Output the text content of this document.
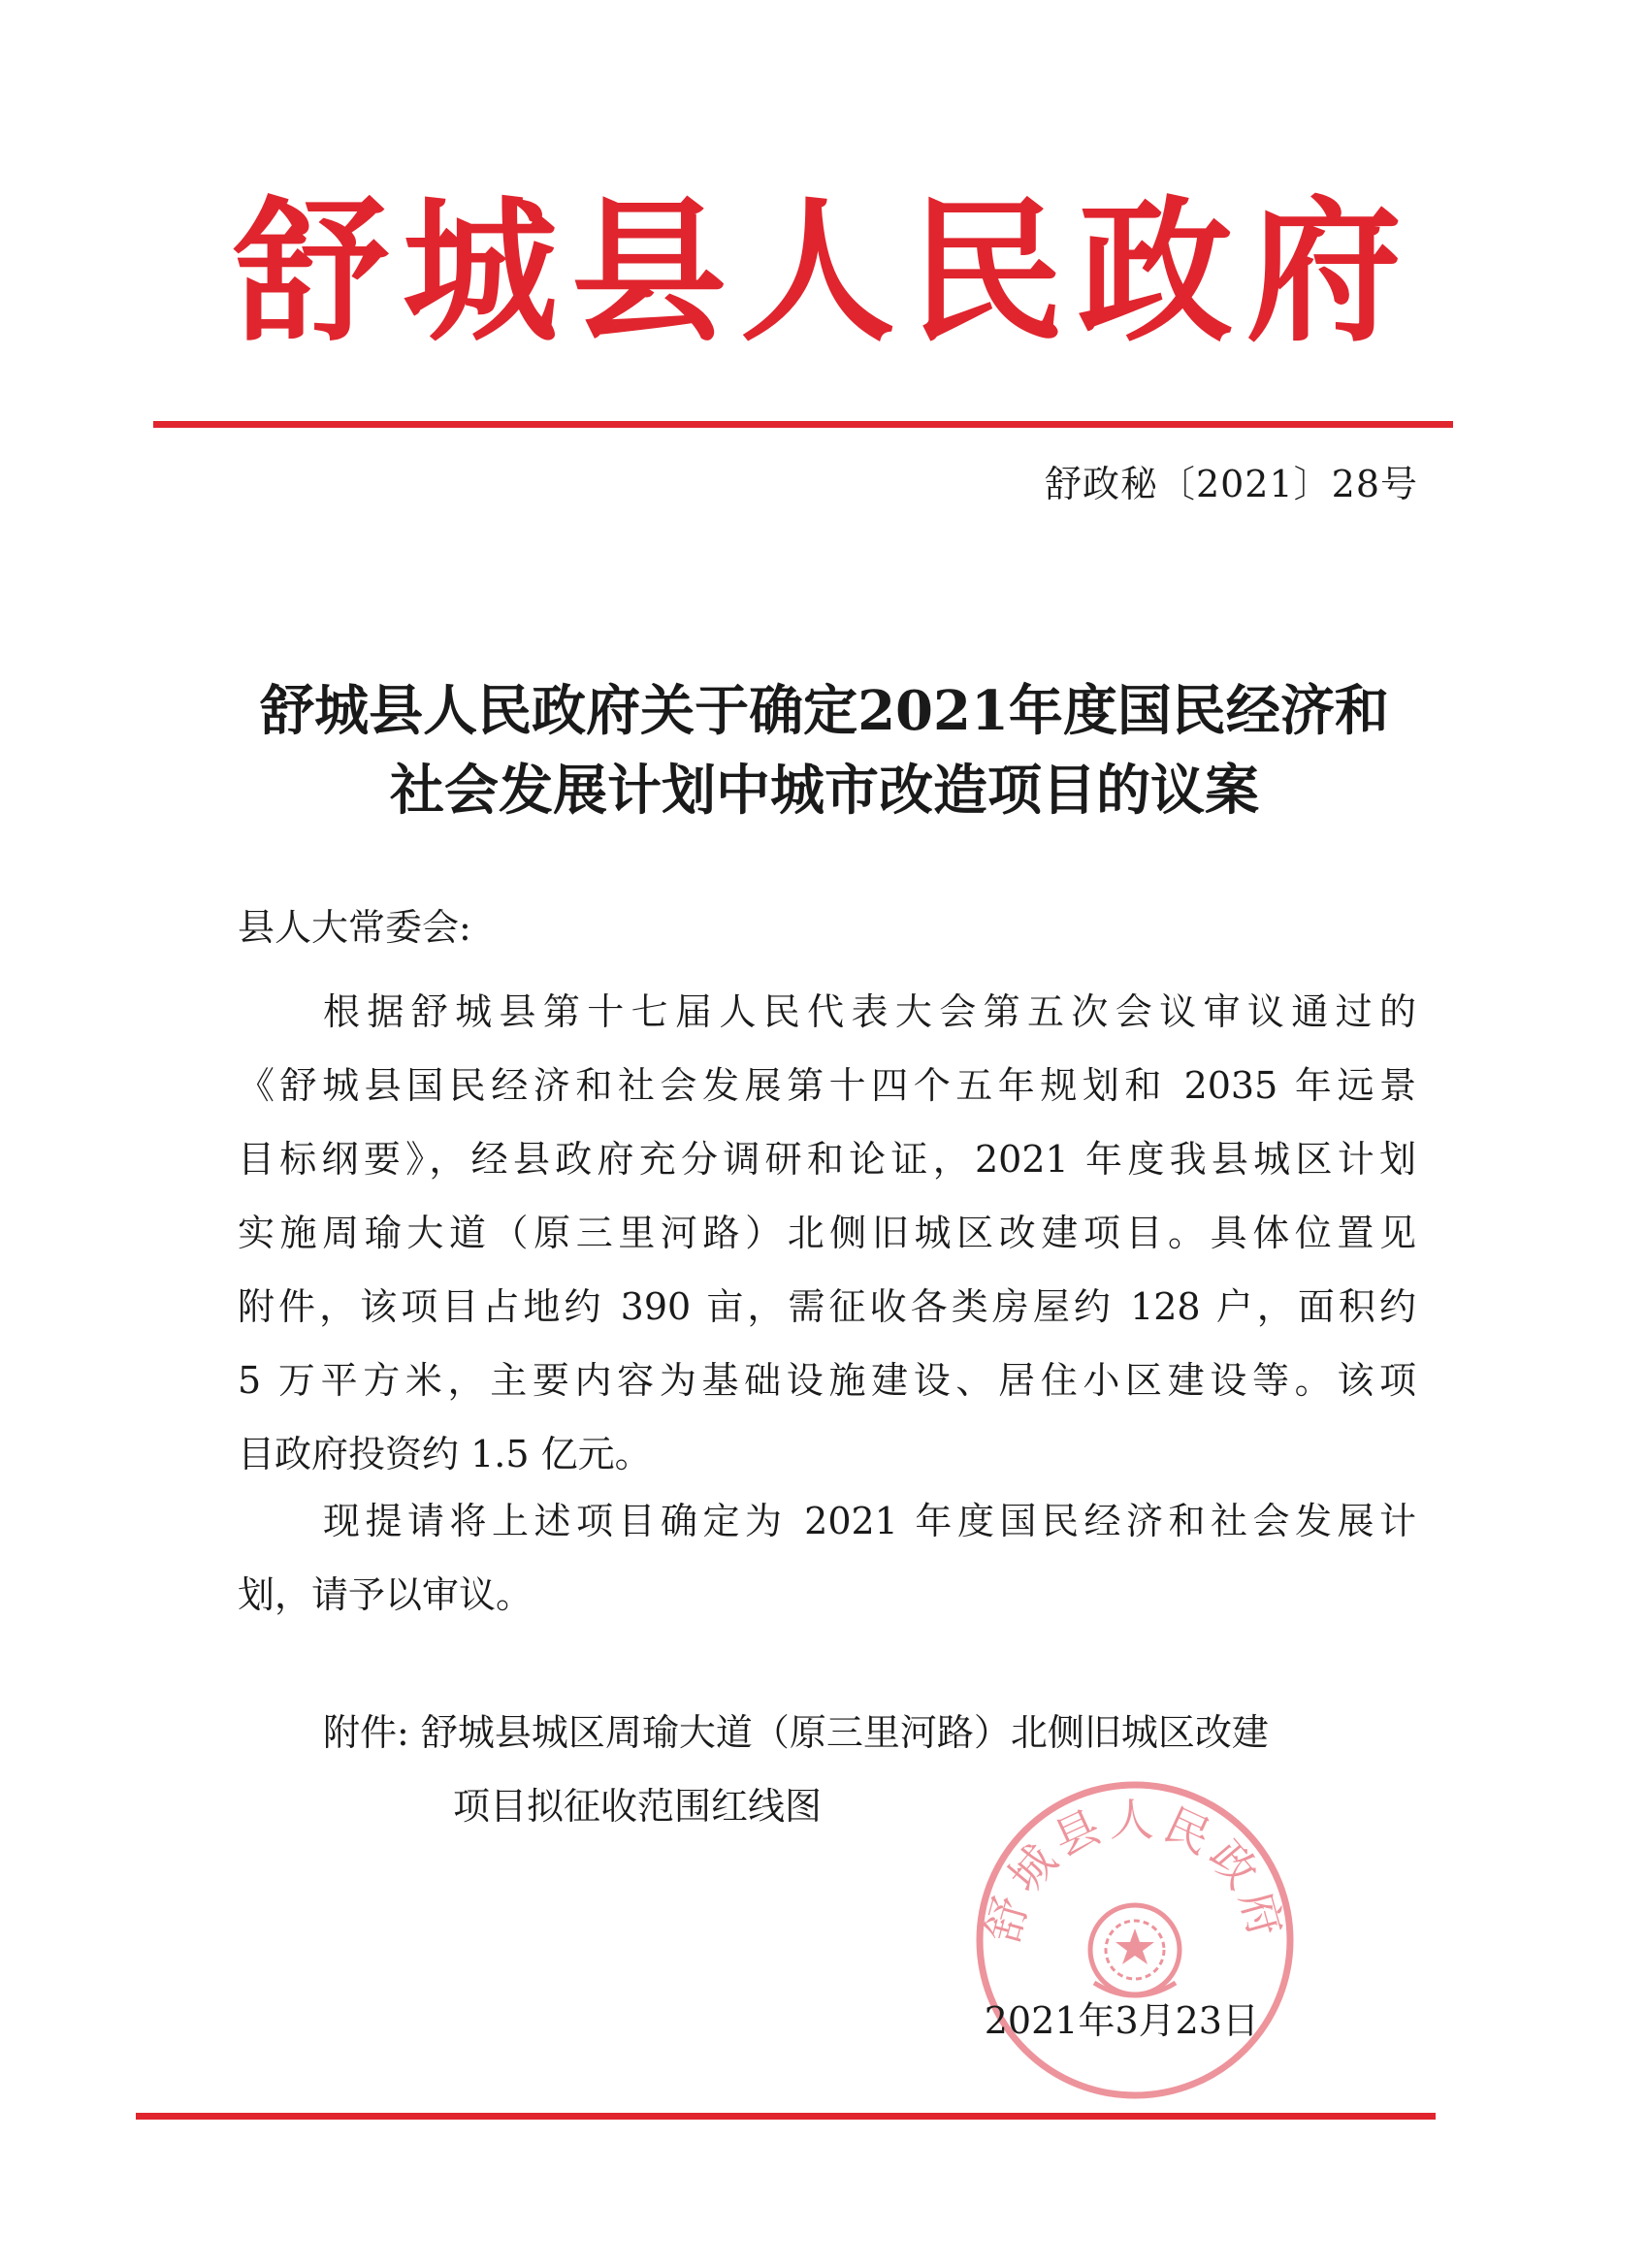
舒城县人民政府
舒政秘〔2021〕28号
舒城县人民政府关于确定2021年度国民经济和
社会发展计划中城市改造项目的议案
县人大常委会:
根据舒城县第十七届人民代表大会第五次会议审议通过的
《舒城县国民经济和社会发展第十四个五年规划和 2035 年远景
目标纲要》，经县政府充分调研和论证，2021 年度我县城区计划
实施周瑜大道（原三里河路）北侧旧城区改建项目。具体位置见
附件，该项目占地约 390 亩，需征收各类房屋约 128 户，面积约
5 万平方米，主要内容为基础设施建设、居住小区建设等。该项
目政府投资约 1.5 亿元。
现提请将上述项目确定为 2021 年度国民经济和社会发展计
划，请予以审议。
附件: 舒城县城区周瑜大道（原三里河路）北侧旧城区改建
项目拟征收范围红线图
舒城县人民政府
2021年3月23日
